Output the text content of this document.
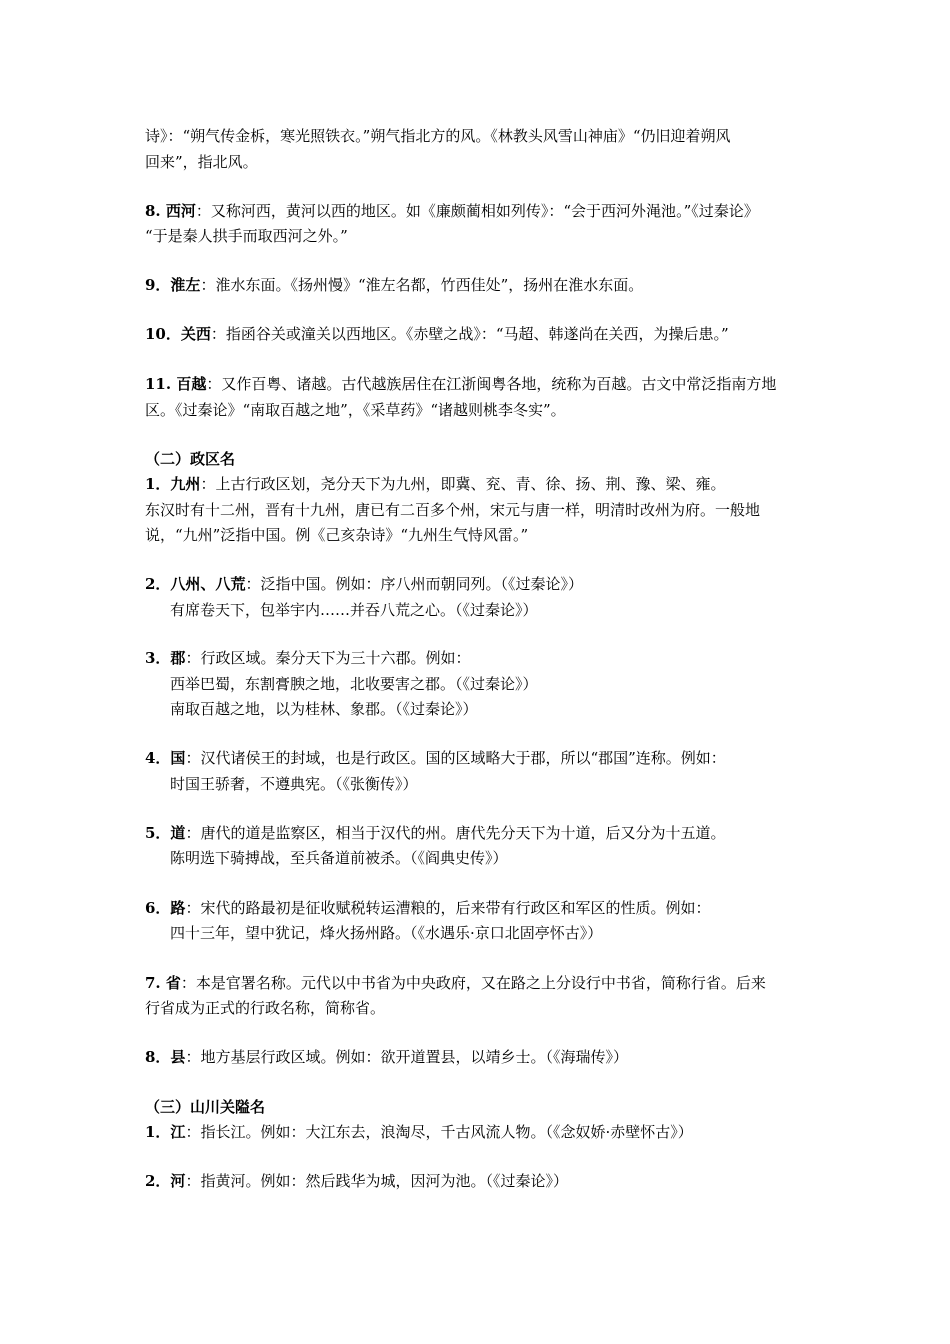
诗》：“朔气传金柝，寒光照铁衣。”朔气指北方的风。《林教头风雪山神庙》“仍旧迎着朔风
回来”，指北风。
8. 西河：又称河西，黄河以西的地区。如《廉颇蔺相如列传》：“会于西河外渑池。”《过秦论》
“于是秦人拱手而取西河之外。”
9．淮左：淮水东面。《扬州慢》“淮左名都，竹西佳处”，扬州在淮水东面。
10．关西：指函谷关或潼关以西地区。《赤壁之战》：“马超、韩遂尚在关西，为操后患。”
11. 百越：又作百粤、诸越。古代越族居住在江浙闽粤各地，统称为百越。古文中常泛指南方地
区。《过秦论》“南取百越之地”，《采草药》“诸越则桃李冬实”。
（二）政区名
1．九州：上古行政区划，尧分天下为九州，即冀、兖、青、徐、扬、荆、豫、梁、雍。
东汉时有十二州，晋有十九州，唐已有二百多个州，宋元与唐一样，明清时改州为府。一般地
说，“九州”泛指中国。例《己亥杂诗》“九州生气恃风雷。”
2．八州、八荒：泛指中国。例如：序八州而朝同列。（《过秦论》）
有席卷天下，包举宇内……并吞八荒之心。（《过秦论》）
3．郡：行政区域。秦分天下为三十六郡。例如：
西举巴蜀，东割膏腴之地，北收要害之郡。（《过秦论》）
南取百越之地，以为桂林、象郡。（《过秦论》）
4．国：汉代诸侯王的封域，也是行政区。国的区域略大于郡，所以“郡国”连称。例如：
时国王骄奢，不遵典宪。（《张衡传》）
5．道：唐代的道是监察区，相当于汉代的州。唐代先分天下为十道，后又分为十五道。
陈明选下骑搏战，至兵备道前被杀。（《阎典史传》）
6．路：宋代的路最初是征收赋税转运漕粮的，后来带有行政区和军区的性质。例如：
四十三年，望中犹记，烽火扬州路。（《水遇乐·京口北固亭怀古》）
7. 省：本是官署名称。元代以中书省为中央政府，又在路之上分设行中书省，简称行省。后来
行省成为正式的行政名称，简称省。
8．县：地方基层行政区域。例如：欲开道置县，以靖乡士。（《海瑞传》）
（三）山川关隘名
1．江：指长江。例如：大江东去，浪淘尽，千古风流人物。（《念奴娇·赤壁怀古》）
2．河：指黄河。例如：然后践华为城，因河为池。（《过秦论》）
